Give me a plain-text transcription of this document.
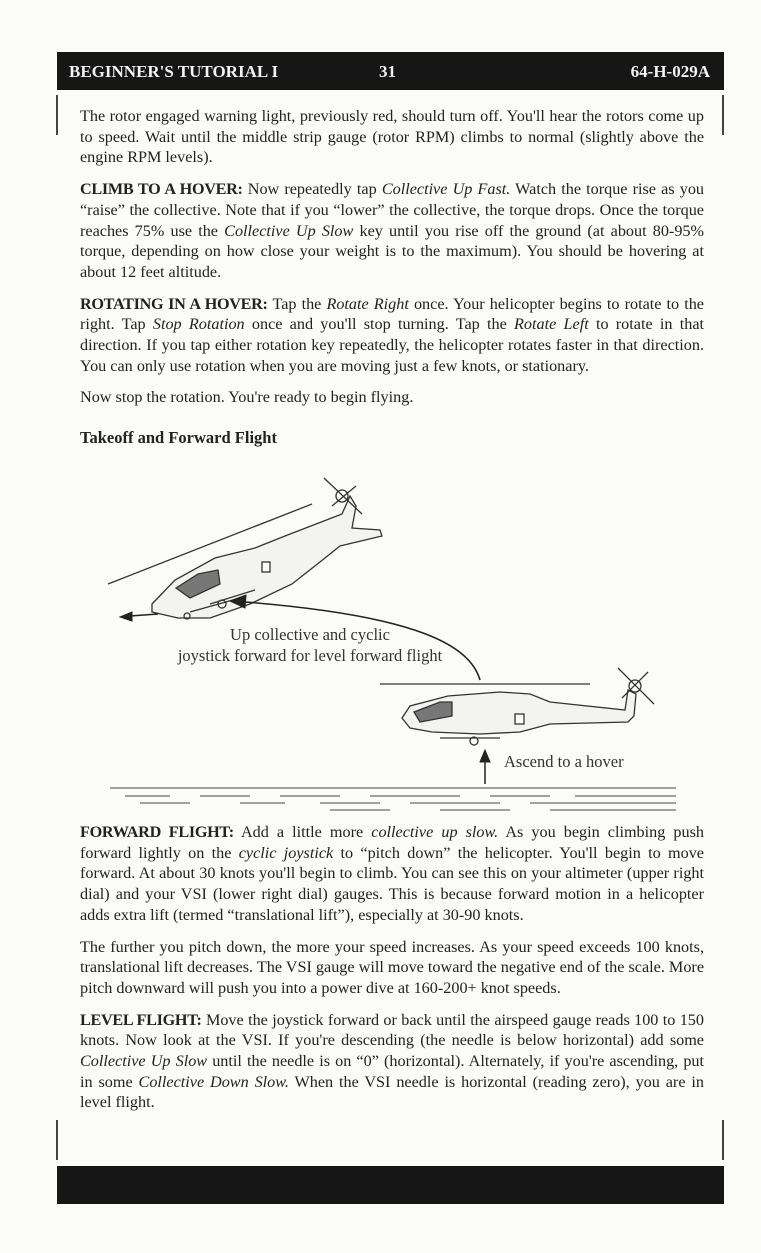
BEGINNER'S TUTORIAL I	31	64-H-029A

The rotor engaged warning light, previously red, should turn off. You'll hear the rotors come up to speed. Wait until the middle strip gauge (rotor RPM) climbs to normal (slightly above the engine RPM levels).

CLIMB TO A HOVER: Now repeatedly tap Collective Up Fast. Watch the torque rise as you “raise” the collective. Note that if you “lower” the collective, the torque drops. Once the torque reaches 75% use the Collective Up Slow key until you rise off the ground (at about 80-95% torque, depending on how close your weight is to the maximum). You should be hovering at about 12 feet altitude.

ROTATING IN A HOVER: Tap the Rotate Right once. Your helicopter begins to rotate to the right. Tap Stop Rotation once and you'll stop turning. Tap the Rotate Left to rotate in that direction. If you tap either rotation key repeatedly, the helicopter rotates faster in that direction. You can only use rotation when you are moving just a few knots, or stationary.

Now stop the rotation. You're ready to begin flying.

Takeoff and Forward Flight

Up collective and cyclic
joystick forward for level forward flight
Ascend to a hover

FORWARD FLIGHT: Add a little more collective up slow. As you begin climbing push forward lightly on the cyclic joystick to “pitch down” the helicopter. You'll begin to move forward. At about 30 knots you'll begin to climb. You can see this on your altimeter (upper right dial) and your VSI (lower right dial) gauges. This is because forward motion in a helicopter adds extra lift (termed “translational lift”), especially at 30-90 knots.

The further you pitch down, the more your speed increases. As your speed exceeds 100 knots, translational lift decreases. The VSI gauge will move toward the negative end of the scale. More pitch downward will push you into a power dive at 160-200+ knot speeds.

LEVEL FLIGHT: Move the joystick forward or back until the airspeed gauge reads 100 to 150 knots. Now look at the VSI. If you're descending (the needle is below horizontal) add some Collective Up Slow until the needle is on “0” (horizontal). Alternately, if you're ascending, put in some Collective Down Slow. When the VSI needle is horizontal (reading zero), you are in level flight.
